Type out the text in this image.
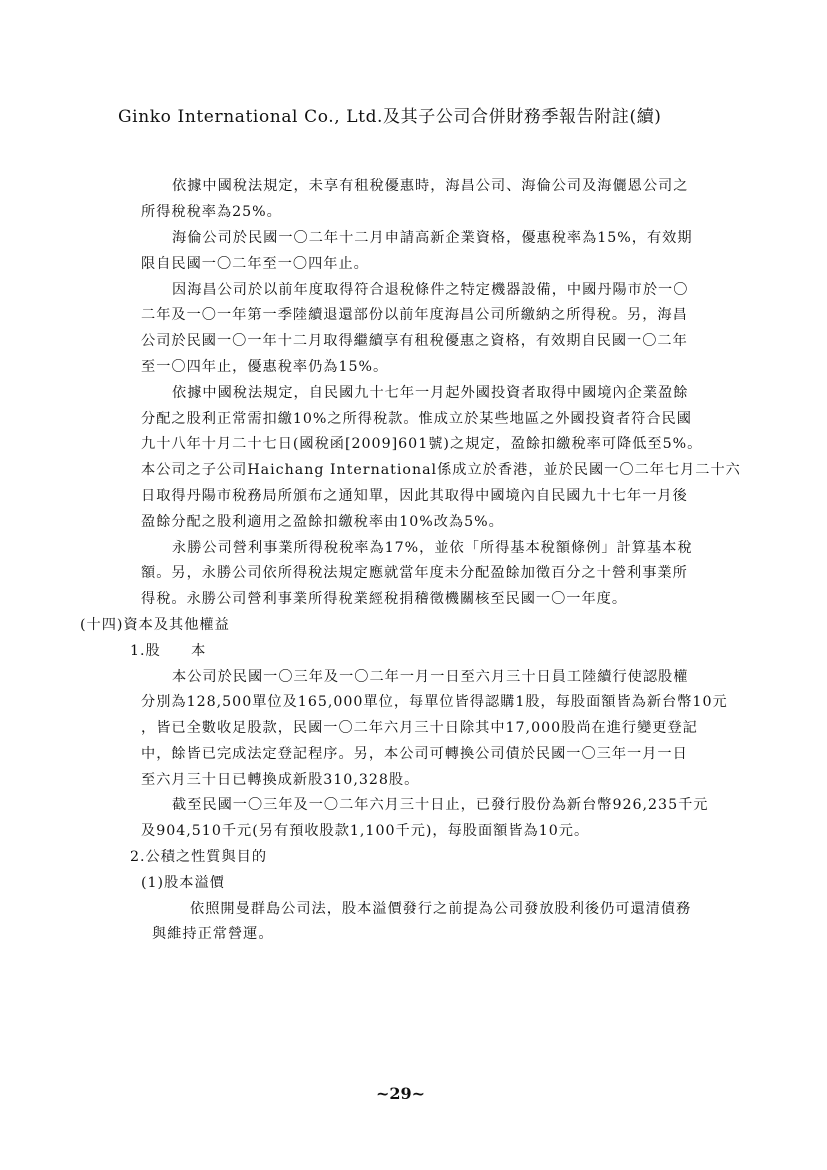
Ginko International Co., Ltd.及其子公司合併財務季報告附註(續)
依據中國稅法規定，未享有租稅優惠時，海昌公司、海倫公司及海儷恩公司之
所得稅稅率為25%。
海倫公司於民國一〇二年十二月申請高新企業資格，優惠稅率為15%，有效期
限自民國一〇二年至一〇四年止。
因海昌公司於以前年度取得符合退稅條件之特定機器設備，中國丹陽市於一〇
二年及一〇一年第一季陸續退還部份以前年度海昌公司所繳納之所得稅。另，海昌
公司於民國一〇一年十二月取得繼續享有租稅優惠之資格，有效期自民國一〇二年
至一〇四年止，優惠稅率仍為15%。
依據中國稅法規定，自民國九十七年一月起外國投資者取得中國境內企業盈餘
分配之股利正常需扣繳10%之所得稅款。惟成立於某些地區之外國投資者符合民國
九十八年十月二十七日(國稅函[2009]601號)之規定，盈餘扣繳稅率可降低至5%。
本公司之子公司Haichang International係成立於香港，並於民國一〇二年七月二十六
日取得丹陽市稅務局所頒布之通知單，因此其取得中國境內自民國九十七年一月後
盈餘分配之股利適用之盈餘扣繳稅率由10%改為5%。
永勝公司營利事業所得稅稅率為17%，並依「所得基本稅額條例」計算基本稅
額。另，永勝公司依所得稅法規定應就當年度未分配盈餘加徵百分之十營利事業所
得稅。永勝公司營利事業所得稅業經稅捐稽徵機關核至民國一〇一年度。
(十四)資本及其他權益
1.股　　本
本公司於民國一〇三年及一〇二年一月一日至六月三十日員工陸續行使認股權
分別為128,500單位及165,000單位，每單位皆得認購1股，每股面額皆為新台幣10元
，皆已全數收足股款，民國一〇二年六月三十日除其中17,000股尚在進行變更登記
中，餘皆已完成法定登記程序。另，本公司可轉換公司債於民國一〇三年一月一日
至六月三十日已轉換成新股310,328股。
截至民國一〇三年及一〇二年六月三十日止，已發行股份為新台幣926,235千元
及904,510千元(另有預收股款1,100千元)，每股面額皆為10元。
2.公積之性質與目的
(1)股本溢價
依照開曼群島公司法，股本溢價發行之前提為公司發放股利後仍可還清債務
與維持正常營運。
~29~
